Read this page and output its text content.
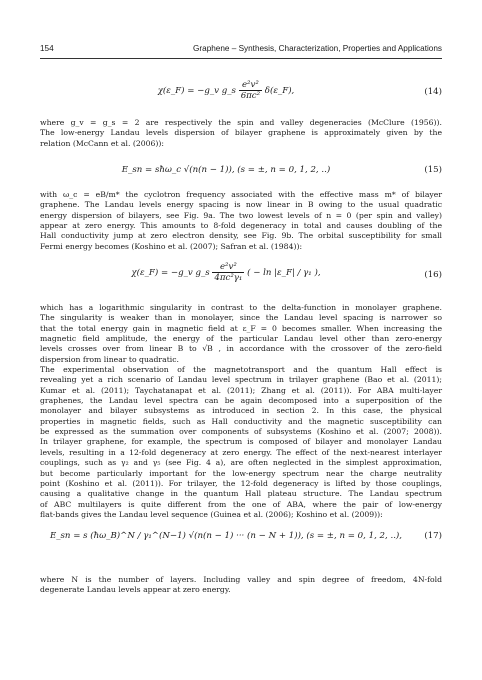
154	Graphene – Synthesis, Characterization, Properties and Applications
χ(ε_F) = −g_v g_s $\frac{\text{e²v²}}{\text{6πc²}}$ δ(ε_F),	(14)
where g_v = g_s = 2 are respectively the spin and valley degeneracies (McClure (1956)).
The low-energy Landau levels dispersion of bilayer graphene is approximately given by the
relation (McCann et al. (2006)):
E_sn = sħω_c √(n(n − 1)), (s = ±, n = 0, 1, 2, ..)	(15)
with ω_c = eB/m* the cyclotron frequency associated with the effective mass m* of bilayer
graphene. The Landau levels energy spacing is now linear in B owing to the usual quadratic
energy dispersion of bilayers, see Fig. 9a. The two lowest levels of n = 0 (per spin and valley)
appear at zero energy. This amounts to 8-fold degeneracy in total and causes doubling of the
Hall conductivity jump at zero electron density, see Fig. 9b. The orbital susceptibility for small
Fermi energy becomes (Koshino et al. (2007); Safran et al. (1984)):
χ(ε_F) = −g_v g_s $\frac{\text{e²v²}}{\text{4πc²γ₁}}$ ( − ln |ε_F| / γ₁ ),	(16)
which has a logarithmic singularity in contrast to the delta-function in monolayer graphene.
The singularity is weaker than in monolayer, since the Landau level spacing is narrower so
that the total energy gain in magnetic field at ε_F = 0 becomes smaller. When increasing the
magnetic field amplitude, the energy of the particular Landau level other than zero-energy
levels crosses over from linear B to √B , in accordance with the crossover of the zero-field
dispersion from linear to quadratic.
The experimental observation of the magnetotransport and the quantum Hall effect is
revealing yet a rich scenario of Landau level spectrum in trilayer graphene (Bao et al. (2011);
Kumar et al. (2011); Taychatanapat et al. (2011); Zhang et al. (2011)). For ABA multi-layer
graphenes, the Landau level spectra can be again decomposed into a superposition of the
monolayer and bilayer subsystems as introduced in section 2. In this case, the physical
properties in magnetic fields, such as Hall conductivity and the magnetic susceptibility can
be expressed as the summation over components of subsystems (Koshino et al. (2007; 2008)).
In trilayer graphene, for example, the spectrum is composed of bilayer and monolayer Landau
levels, resulting in a 12-fold degeneracy at zero energy. The effect of the next-nearest interlayer
couplings, such as γ₂ and γ₅ (see Fig. 4 a), are often neglected in the simplest approximation,
but become particularly important for the low-energy spectrum near the charge neutrality
point (Koshino et al. (2011)). For trilayer, the 12-fold degeneracy is lifted by those couplings,
causing a qualitative change in the quantum Hall plateau structure. The Landau spectrum
of ABC multilayers is quite different from the one of ABA, where the pair of low-energy
flat-bands gives the Landau level sequence (Guinea et al. (2006); Koshino et al. (2009)):
E_sn = s (ħω_B)^N / γ₁^(N−1) √(n(n − 1) ··· (n − N + 1)), (s = ±, n = 0, 1, 2, ..),	(17)
where N is the number of layers. Including valley and spin degree of freedom, 4N-fold
degenerate Landau levels appear at zero energy.
